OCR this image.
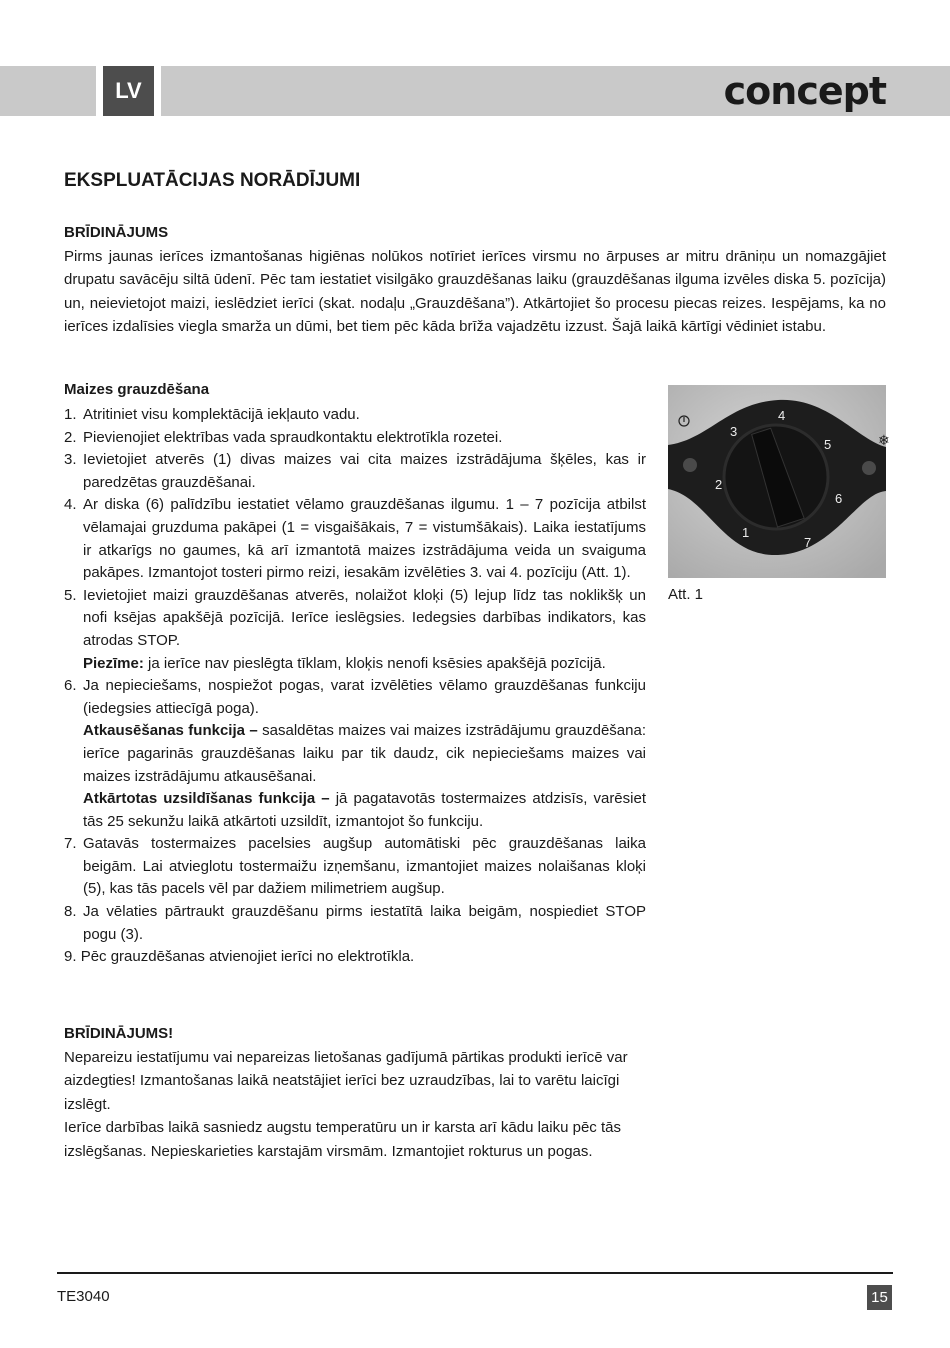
LV	concept
EKSPLUATĀCIJAS NORĀDĪJUMI
BRĪDINĀJUMS

Pirms jaunas ierīces izmantošanas higiēnas nolūkos notīriet ierīces virsmu no ārpuses ar mitru drāniņu un nomazgājiet drupatu savācēju siltā ūdenī. Pēc tam iestatiet visilgāko grauzdēšanas laiku (grauzdēšanas ilguma izvēles diska 5. pozīcija) un, neievietojot maizi, ieslēdziet ierīci (skat. nodaļu „Grauzdēšana”). Atkārtojiet šo procesu piecas reizes. Iespējams, ka no ierīces izdalīsies viegla smarža un dūmi, bet tiem pēc kāda brīža vajadzētu izzust. Šajā laikā kārtīgi vēdiniet istabu.

Maizes grauzdēšana
1. Atritiniet visu komplektācijā iekļauto vadu.

2. Pievienojiet elektrības vada spraudkontaktu elektrotīkla rozetei.

3. Ievietojiet atverēs (1) divas maizes vai cita maizes izstrādājuma šķēles, kas ir paredzētas grauzdēšanai.

4. Ar diska (6) palīdzību iestatiet vēlamo grauzdēšanas ilgumu. 1 – 7 pozīcija atbilst vēlamajai gruzduma pakāpei (1 = visgaišākais, 7 = vistumšākais). Laika iestatījums ir atkarīgs no gaumes, kā arī izmantotā maizes izstrādājuma veida un svaiguma pakāpes. Izmantojot tosteri pirmo reizi, iesakām izvēlēties 3. vai 4. pozīciju (Att. 1).

5. Ievietojiet maizi grauzdēšanas atverēs, nolaižot kloķi (5) lejup līdz tas noklikšķ un nofi ksējas apakšējā pozīcijā. Ierīce ieslēgsies. Iedegsies darbības indikators, kas atrodas STOP.

Piezīme: ja ierīce nav pieslēgta tīklam, kloķis nenofi ksēsies apakšējā pozīcijā.

6. Ja nepieciešams, nospiežot pogas, varat izvēlēties vēlamo grauzdēšanas funkciju (iedegsies attiecīgā poga).

Atkausēšanas funkcija – sasaldētas maizes vai maizes izstrādājumu grauzdēšana: ierīce pagarinās grauzdēšanas laiku par tik daudz, cik nepieciešams maizes vai maizes izstrādājumu atkausēšanai.

Atkārtotas uzsildīšanas funkcija – jā pagatavotās tostermaizes atdzisīs, varēsiet tās 25 sekunžu laikā atkārtoti uzsildīt, izmantojot šo funkciju.

7. Gatavās tostermaizes pacelsies augšup automātiski pēc grauzdēšanas laika beigām. Lai atvieglotu tostermaižu izņemšanu, izmantojiet maizes nolaišanas kloķi (5), kas tās pacels vēl par dažiem milimetriem augšup.

8. Ja vēlaties pārtraukt grauzdēšanu pirms iestatītā laika beigām, nospiediet STOP pogu (3).

9. Pēc grauzdēšanas atvienojiet ierīci no elektrotīkla.
❄
1
2
3
4
5
6
7
Att. 1
BRĪDINĀJUMS!

Nepareizu iestatījumu vai nepareizas lietošanas gadījumā pārtikas produkti ierīcē var aizdegties! Izmantošanas laikā neatstājiet ierīci bez uzraudzības, lai to varētu laicīgi izslēgt.

Ierīce darbības laikā sasniedz augstu temperatūru un ir karsta arī kādu laiku pēc tās izslēgšanas. Nepieskarieties karstajām virsmām. Izmantojiet rokturus un pogas.

TE3040	15
